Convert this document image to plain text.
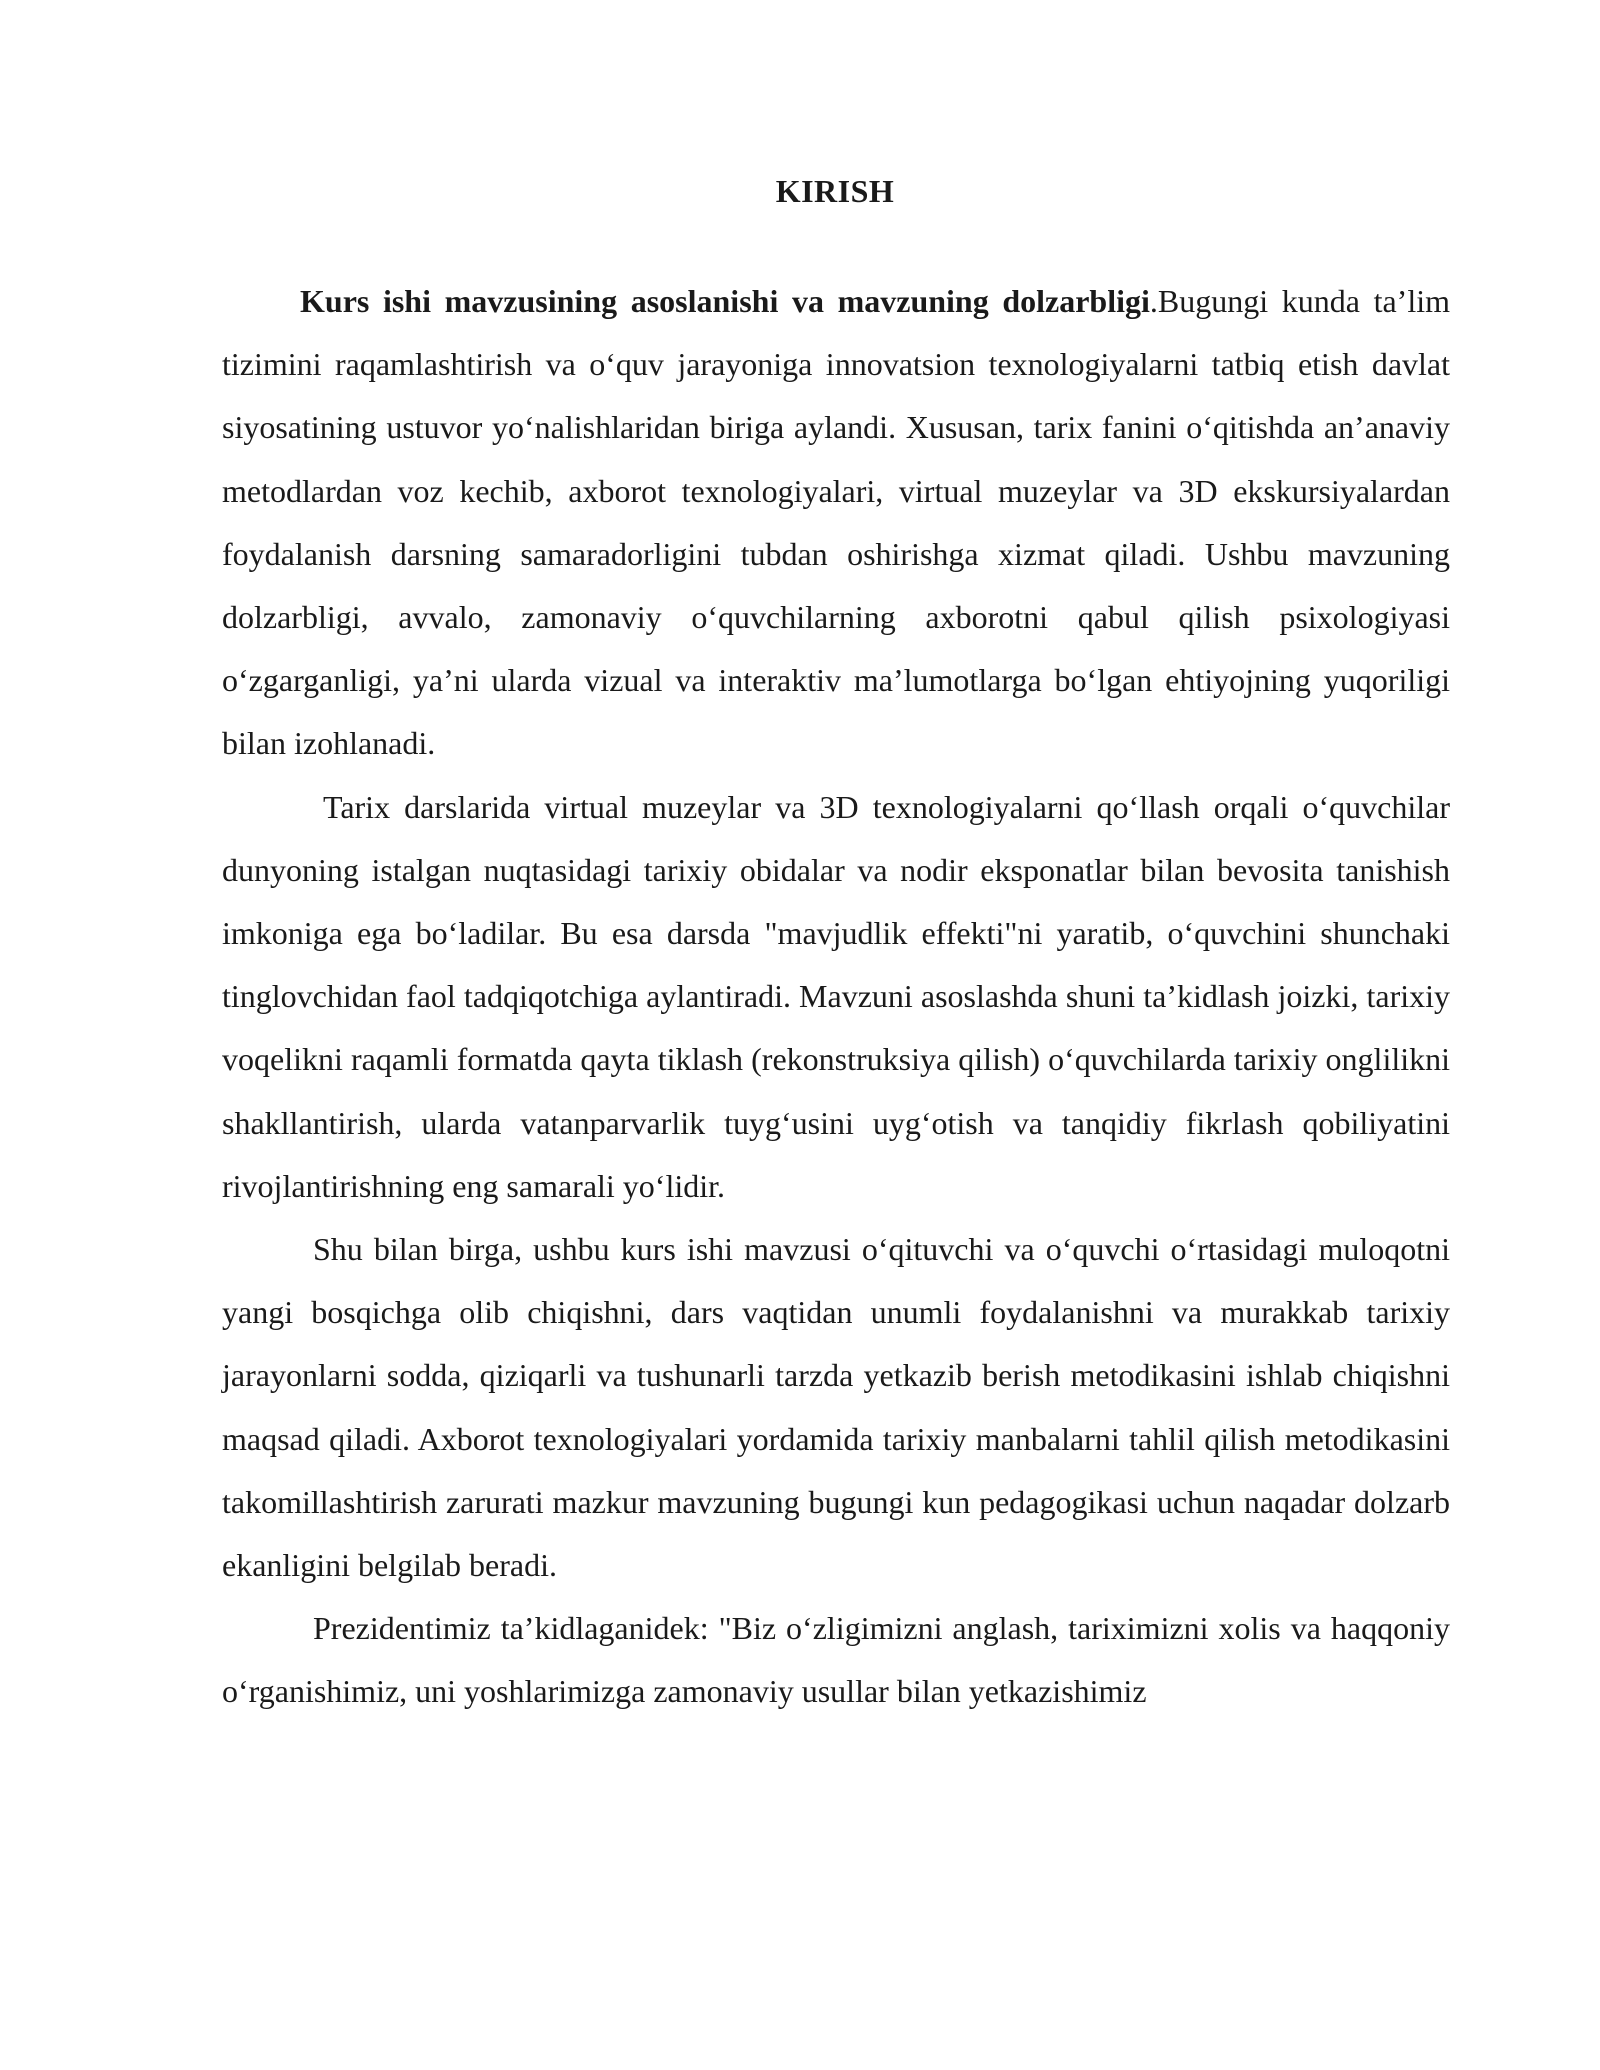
KIRISH

Kurs ishi mavzusining asoslanishi va mavzuning dolzarbligi.Bugungi kunda ta’lim tizimini raqamlashtirish va o‘quv jarayoniga innovatsion texnologiyalarni tatbiq etish davlat siyosatining ustuvor yo‘nalishlaridan biriga aylandi. Xususan, tarix fanini o‘qitishda an’anaviy metodlardan voz kechib, axborot texnologiyalari, virtual muzeylar va 3D ekskursiyalardan foydalanish darsning samaradorligini tubdan oshirishga xizmat qiladi. Ushbu mavzuning dolzarbligi, avvalo, zamonaviy o‘quvchilarning axborotni qabul qilish psixologiyasi o‘zgarganligi, ya’ni ularda vizual va interaktiv ma’lumotlarga bo‘lgan ehtiyojning yuqoriligi bilan izohlanadi.

Tarix darslarida virtual muzeylar va 3D texnologiyalarni qo‘llash orqali o‘quvchilar dunyoning istalgan nuqtasidagi tarixiy obidalar va nodir eksponatlar bilan bevosita tanishish imkoniga ega bo‘ladilar. Bu esa darsda "mavjudlik effekti"ni yaratib, o‘quvchini shunchaki tinglovchidan faol tadqiqotchiga aylantiradi. Mavzuni asoslashda shuni ta’kidlash joizki, tarixiy voqelikni raqamli formatda qayta tiklash (rekonstruksiya qilish) o‘quvchilarda tarixiy onglilikni shakllantirish, ularda vatanparvarlik tuyg‘usini uyg‘otish va tanqidiy fikrlash qobiliyatini rivojlantirishning eng samarali yo‘lidir.

Shu bilan birga, ushbu kurs ishi mavzusi o‘qituvchi va o‘quvchi o‘rtasidagi muloqotni yangi bosqichga olib chiqishni, dars vaqtidan unumli foydalanishni va murakkab tarixiy jarayonlarni sodda, qiziqarli va tushunarli tarzda yetkazib berish metodikasini ishlab chiqishni maqsad qiladi. Axborot texnologiyalari yordamida tarixiy manbalarni tahlil qilish metodikasini takomillashtirish zarurati mazkur mavzuning bugungi kun pedagogikasi uchun naqadar dolzarb ekanligini belgilab beradi.

Prezidentimiz ta’kidlaganidek: "Biz o‘zligimizni anglash, tariximizni xolis va haqqoniy o‘rganishimiz, uni yoshlarimizga zamonaviy usullar bilan yetkazishimiz
